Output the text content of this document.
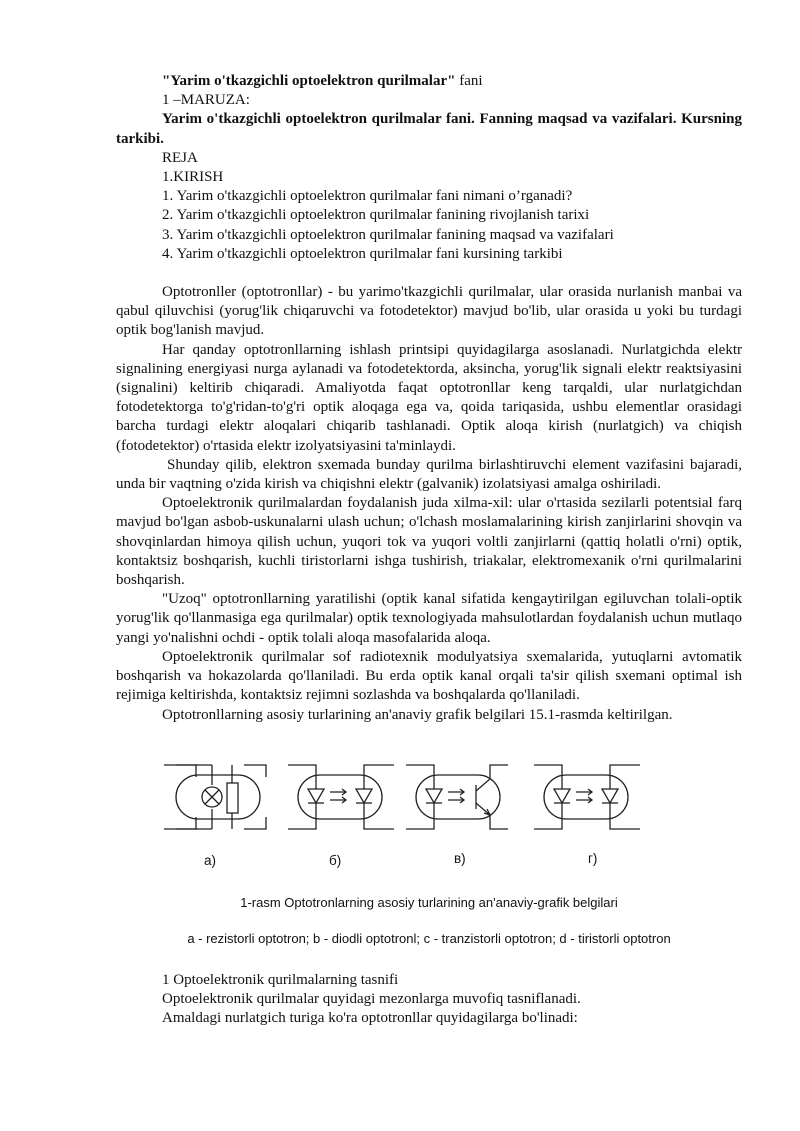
"Yarim o'tkazgichli optoelektron qurilmalar" fani

1 –MARUZA:

Yarim o'tkazgichli optoelektron qurilmalar fani. Fanning maqsad va vazifalari. Kursning tarkibi.

REJA

1.KIRISH

1. Yarim o'tkazgichli optoelektron qurilmalar fani nimani o’rganadi?

2. Yarim o'tkazgichli optoelektron qurilmalar fanining rivojlanish tarixi

3. Yarim o'tkazgichli optoelektron qurilmalar fanining maqsad va vazifalari

4. Yarim o'tkazgichli optoelektron qurilmalar fani kursining tarkibi

Optotronller (optotronllar) - bu yarimo'tkazgichli qurilmalar, ular orasida nurlanish manbai va qabul qiluvchisi (yorug'lik chiqaruvchi va fotodetektor) mavjud bo'lib, ular orasida u yoki bu turdagi optik bog'lanish mavjud.

Har qanday optotronllarning ishlash printsipi quyidagilarga asoslanadi. Nurlatgichda elektr signalining energiyasi nurga aylanadi va fotodetektorda, aksincha, yorug'lik signali elektr reaktsiyasini (signalini) keltirib chiqaradi. Amaliyotda faqat optotronllar keng tarqaldi, ular nurlatgichdan fotodetektorga to'g'ridan-to'g'ri optik aloqaga ega va, qoida tariqasida, ushbu elementlar orasidagi barcha turdagi elektr aloqalari chiqarib tashlanadi. Optik aloqa kirish (nurlatgich) va chiqish (fotodetektor) o'rtasida elektr izolyatsiyasini ta'minlaydi.

Shunday qilib, elektron sxemada bunday qurilma birlashtiruvchi element vazifasini bajaradi, unda bir vaqtning o'zida kirish va chiqishni elektr (galvanik) izolatsiyasi amalga oshiriladi.

Optoelektronik qurilmalardan foydalanish juda xilma-xil: ular o'rtasida sezilarli potentsial farq mavjud bo'lgan asbob-uskunalarni ulash uchun; o'lchash moslamalarining kirish zanjirlarini shovqin va shovqinlardan himoya qilish uchun, yuqori tok va yuqori voltli zanjirlarni (qattiq holatli o'rni) optik, kontaktsiz boshqarish, kuchli tiristorlarni ishga tushirish, triakalar, elektromexanik o'rni qurilmalarini boshqarish.

"Uzoq" optotronllarning yaratilishi (optik kanal sifatida kengaytirilgan egiluvchan tolali-optik yorug'lik qo'llanmasiga ega qurilmalar) optik texnologiyada mahsulotlardan foydalanish uchun mutlaqo yangi yo'nalishni ochdi - optik tolali aloqa masofalarida aloqa.

Optoelektronik qurilmalar sof radiotexnik modulyatsiya sxemalarida, yutuqlarni avtomatik boshqarish va hokazolarda qo'llaniladi. Bu erda optik kanal orqali ta'sir qilish sxemani optimal ish rejimiga keltirishda, kontaktsiz rejimni sozlashda va boshqalarda qo'llaniladi.

Optotronllarning asosiy turlarining an'anaviy grafik belgilari 15.1-rasmda keltirilgan.

а)	б)	в)	г)

1-rasm Optotronlarning asosiy turlarining an'anaviy-grafik belgilari

a - rezistorli optotron; b - diodli optotronl; c - tranzistorli optotron; d - tiristorli optotron

1 Optoelektronik qurilmalarning tasnifi

Optoelektronik qurilmalar quyidagi mezonlarga muvofiq tasniflanadi.

Amaldagi nurlatgich turiga ko'ra optotronllar quyidagilarga bo'linadi:
